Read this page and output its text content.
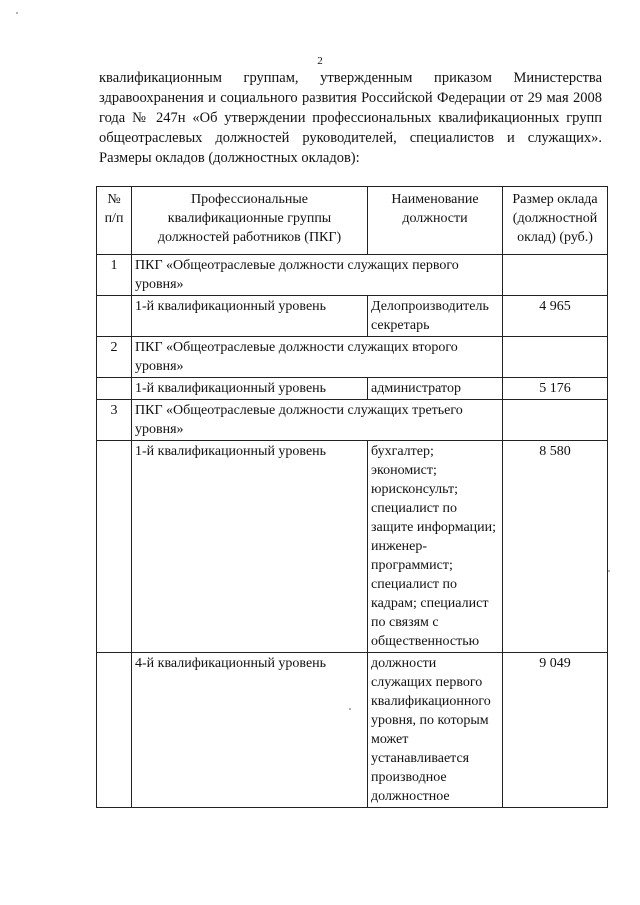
2

квалификационным группам, утвержденным приказом Министерства здравоохранения и социального развития Российской Федерации от 29 мая 2008 года № 247н «Об утверждении профессиональных квалификационных групп общеотраслевых должностей руководителей, специалистов и служащих». Размеры окладов (должностных окладов):

№ п/п	Профессиональные квалификационные группы должностей работников (ПКГ)	Наименование должности	Размер оклада (должностной оклад) (руб.)
1	ПКГ «Общеотраслевые должности служащих первого уровня»		
	1-й квалификационный уровень	Делопроизводитель секретарь	4 965
2	ПКГ «Общеотраслевые должности служащих второго уровня»		
	1-й квалификационный уровень	администратор	5 176
3	ПКГ «Общеотраслевые должности служащих третьего уровня»		
	1-й квалификационный уровень	бухгалтер; экономист; юрисконсульт; специалист по защите информации; инженер-программист; специалист по кадрам; специалист по связям с общественностью	8 580
	4-й квалификационный уровень	должности служащих первого квалификационного уровня, по которым может устанавливается производное должностное	9 049
